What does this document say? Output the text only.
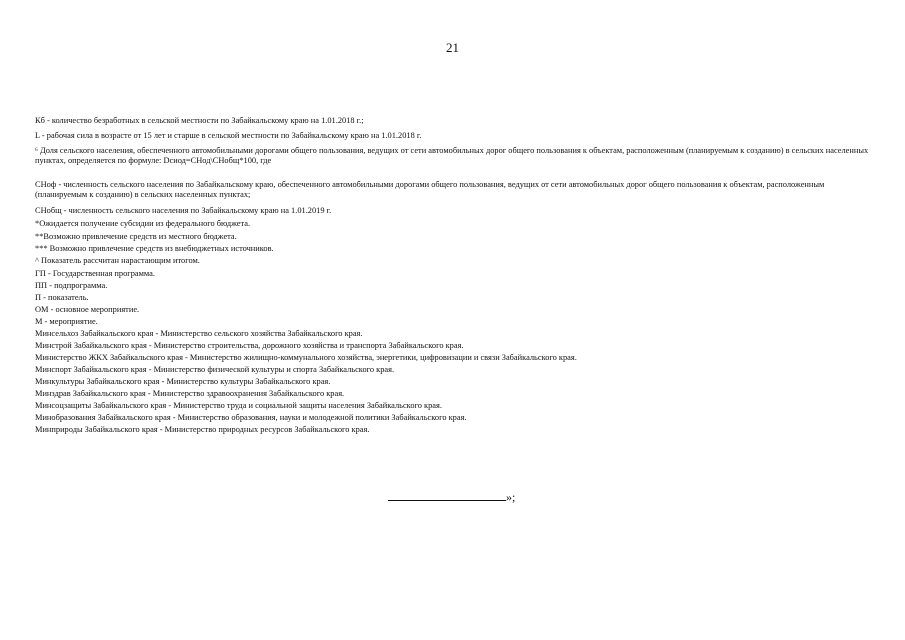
21
Кб - количество безработных в сельской местности по Забайкальскому краю на 1.01.2018 г.;
L - рабочая сила в возрасте от 15 лет и старше в сельской местности по Забайкальскому краю на 1.01.2018 г.
⁶ Доля сельского населения, обеспеченного автомобильными дорогами общего пользования, ведущих от сети автомобильных дорог общего пользования к объектам, расположенным (планируемым к созданию) в сельских населенных пунктах, определяется по формуле: Dсиод=СНод\СНобщ*100, где
СНоф - численность сельского населения по Забайкальскому краю, обеспеченного автомобильными дорогами общего пользования, ведущих от сети автомобильных дорог общего пользования к объектам, расположенным (планируемым к созданию) в сельских населенных пунктах;
СНобщ - численность сельского населения по Забайкальскому краю на 1.01.2019 г.
*Ожидается получение субсидии из федерального бюджета.
**Возможно привлечение средств из местного бюджета.
*** Возможно привлечение средств из внебюджетных источников.
^ Показатель рассчитан нарастающим итогом.
ГП - Государственная программа.
ПП - подпрограмма.
П - показатель.
ОМ - основное мероприятие.
М - мероприятие.
Минсельхоз Забайкальского края - Министерство сельского хозяйства Забайкальского края.
Минстрой Забайкальского края - Министерство строительства, дорожного хозяйства и транспорта Забайкальского края.
Министерство ЖКХ Забайкальского края - Министерство жилищно-коммунального хозяйства, энергетики, цифровизации и связи Забайкальского края.
Минспорт Забайкальского края - Министерство физической культуры и спорта Забайкальского края.
Минкультуры Забайкальского края - Министерство культуры Забайкальского края.
Минздрав Забайкальского края - Министерство здравоохранения Забайкальского края.
Минсоцзащиты Забайкальского края - Министерство труда и социальной защиты населения Забайкальского края.
Минобразования Забайкальского края - Министерство образования, науки и молодежной политики Забайкальского края.
Минприроды Забайкальского края - Министерство природных ресурсов Забайкальского края.
»;
